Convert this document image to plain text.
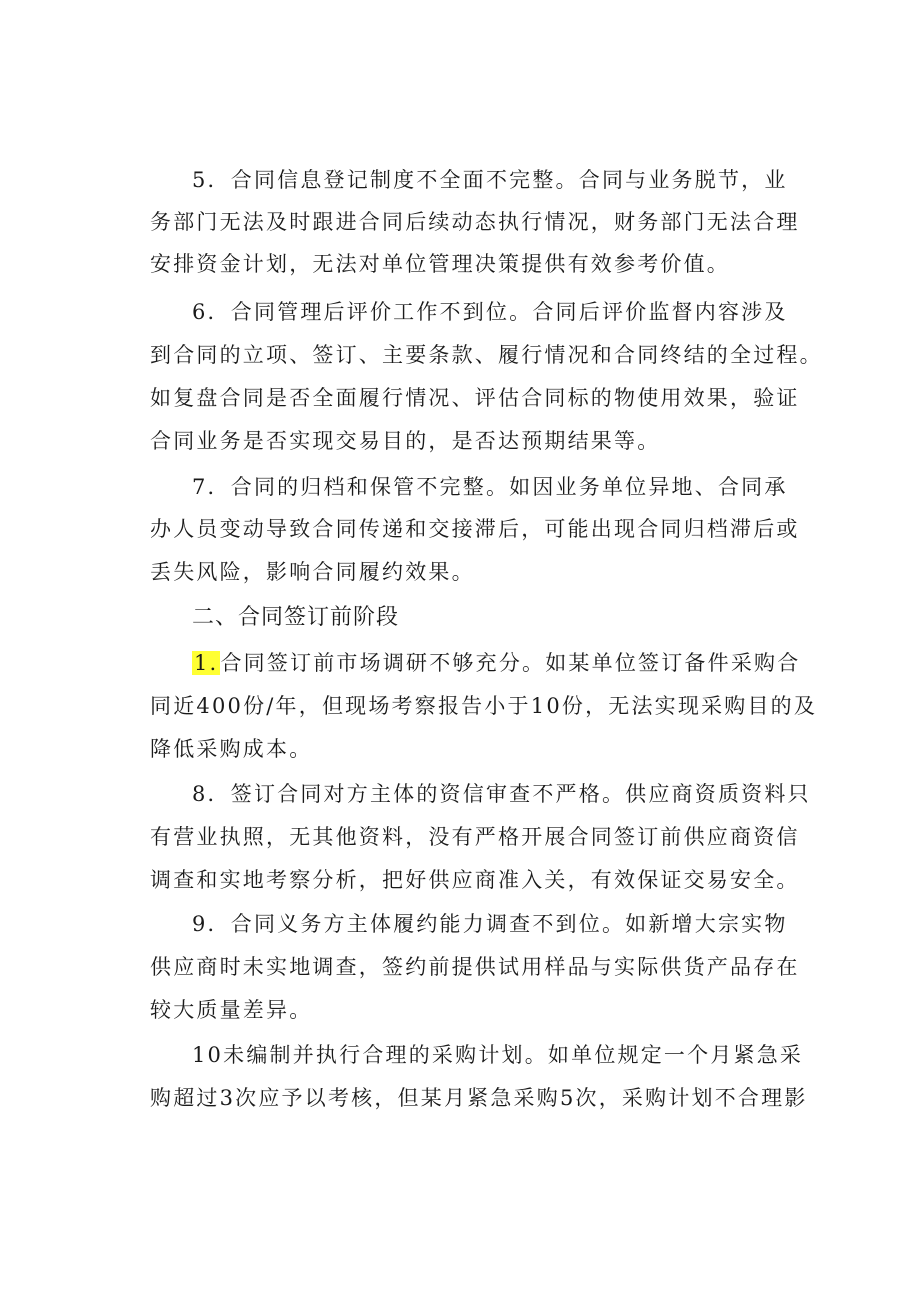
5．合同信息登记制度不全面不完整。合同与业务脱节，业
务部门无法及时跟进合同后续动态执行情况，财务部门无法合理
安排资金计划，无法对单位管理决策提供有效参考价值。
6．合同管理后评价工作不到位。合同后评价监督内容涉及
到合同的立项、签订、主要条款、履行情况和合同终结的全过程。
如复盘合同是否全面履行情况、评估合同标的物使用效果，验证
合同业务是否实现交易目的，是否达预期结果等。
7．合同的归档和保管不完整。如因业务单位异地、合同承
办人员变动导致合同传递和交接滞后，可能出现合同归档滞后或
丢失风险，影响合同履约效果。
二、合同签订前阶段
1.合同签订前市场调研不够充分。如某单位签订备件采购合
同近400份/年，但现场考察报告小于10份，无法实现采购目的及
降低采购成本。
8．签订合同对方主体的资信审查不严格。供应商资质资料只
有营业执照，无其他资料，没有严格开展合同签订前供应商资信
调查和实地考察分析，把好供应商准入关，有效保证交易安全。
9．合同义务方主体履约能力调查不到位。如新增大宗实物
供应商时未实地调查，签约前提供试用样品与实际供货产品存在
较大质量差异。
10未编制并执行合理的采购计划。如单位规定一个月紧急采
购超过3次应予以考核，但某月紧急采购5次，采购计划不合理影
